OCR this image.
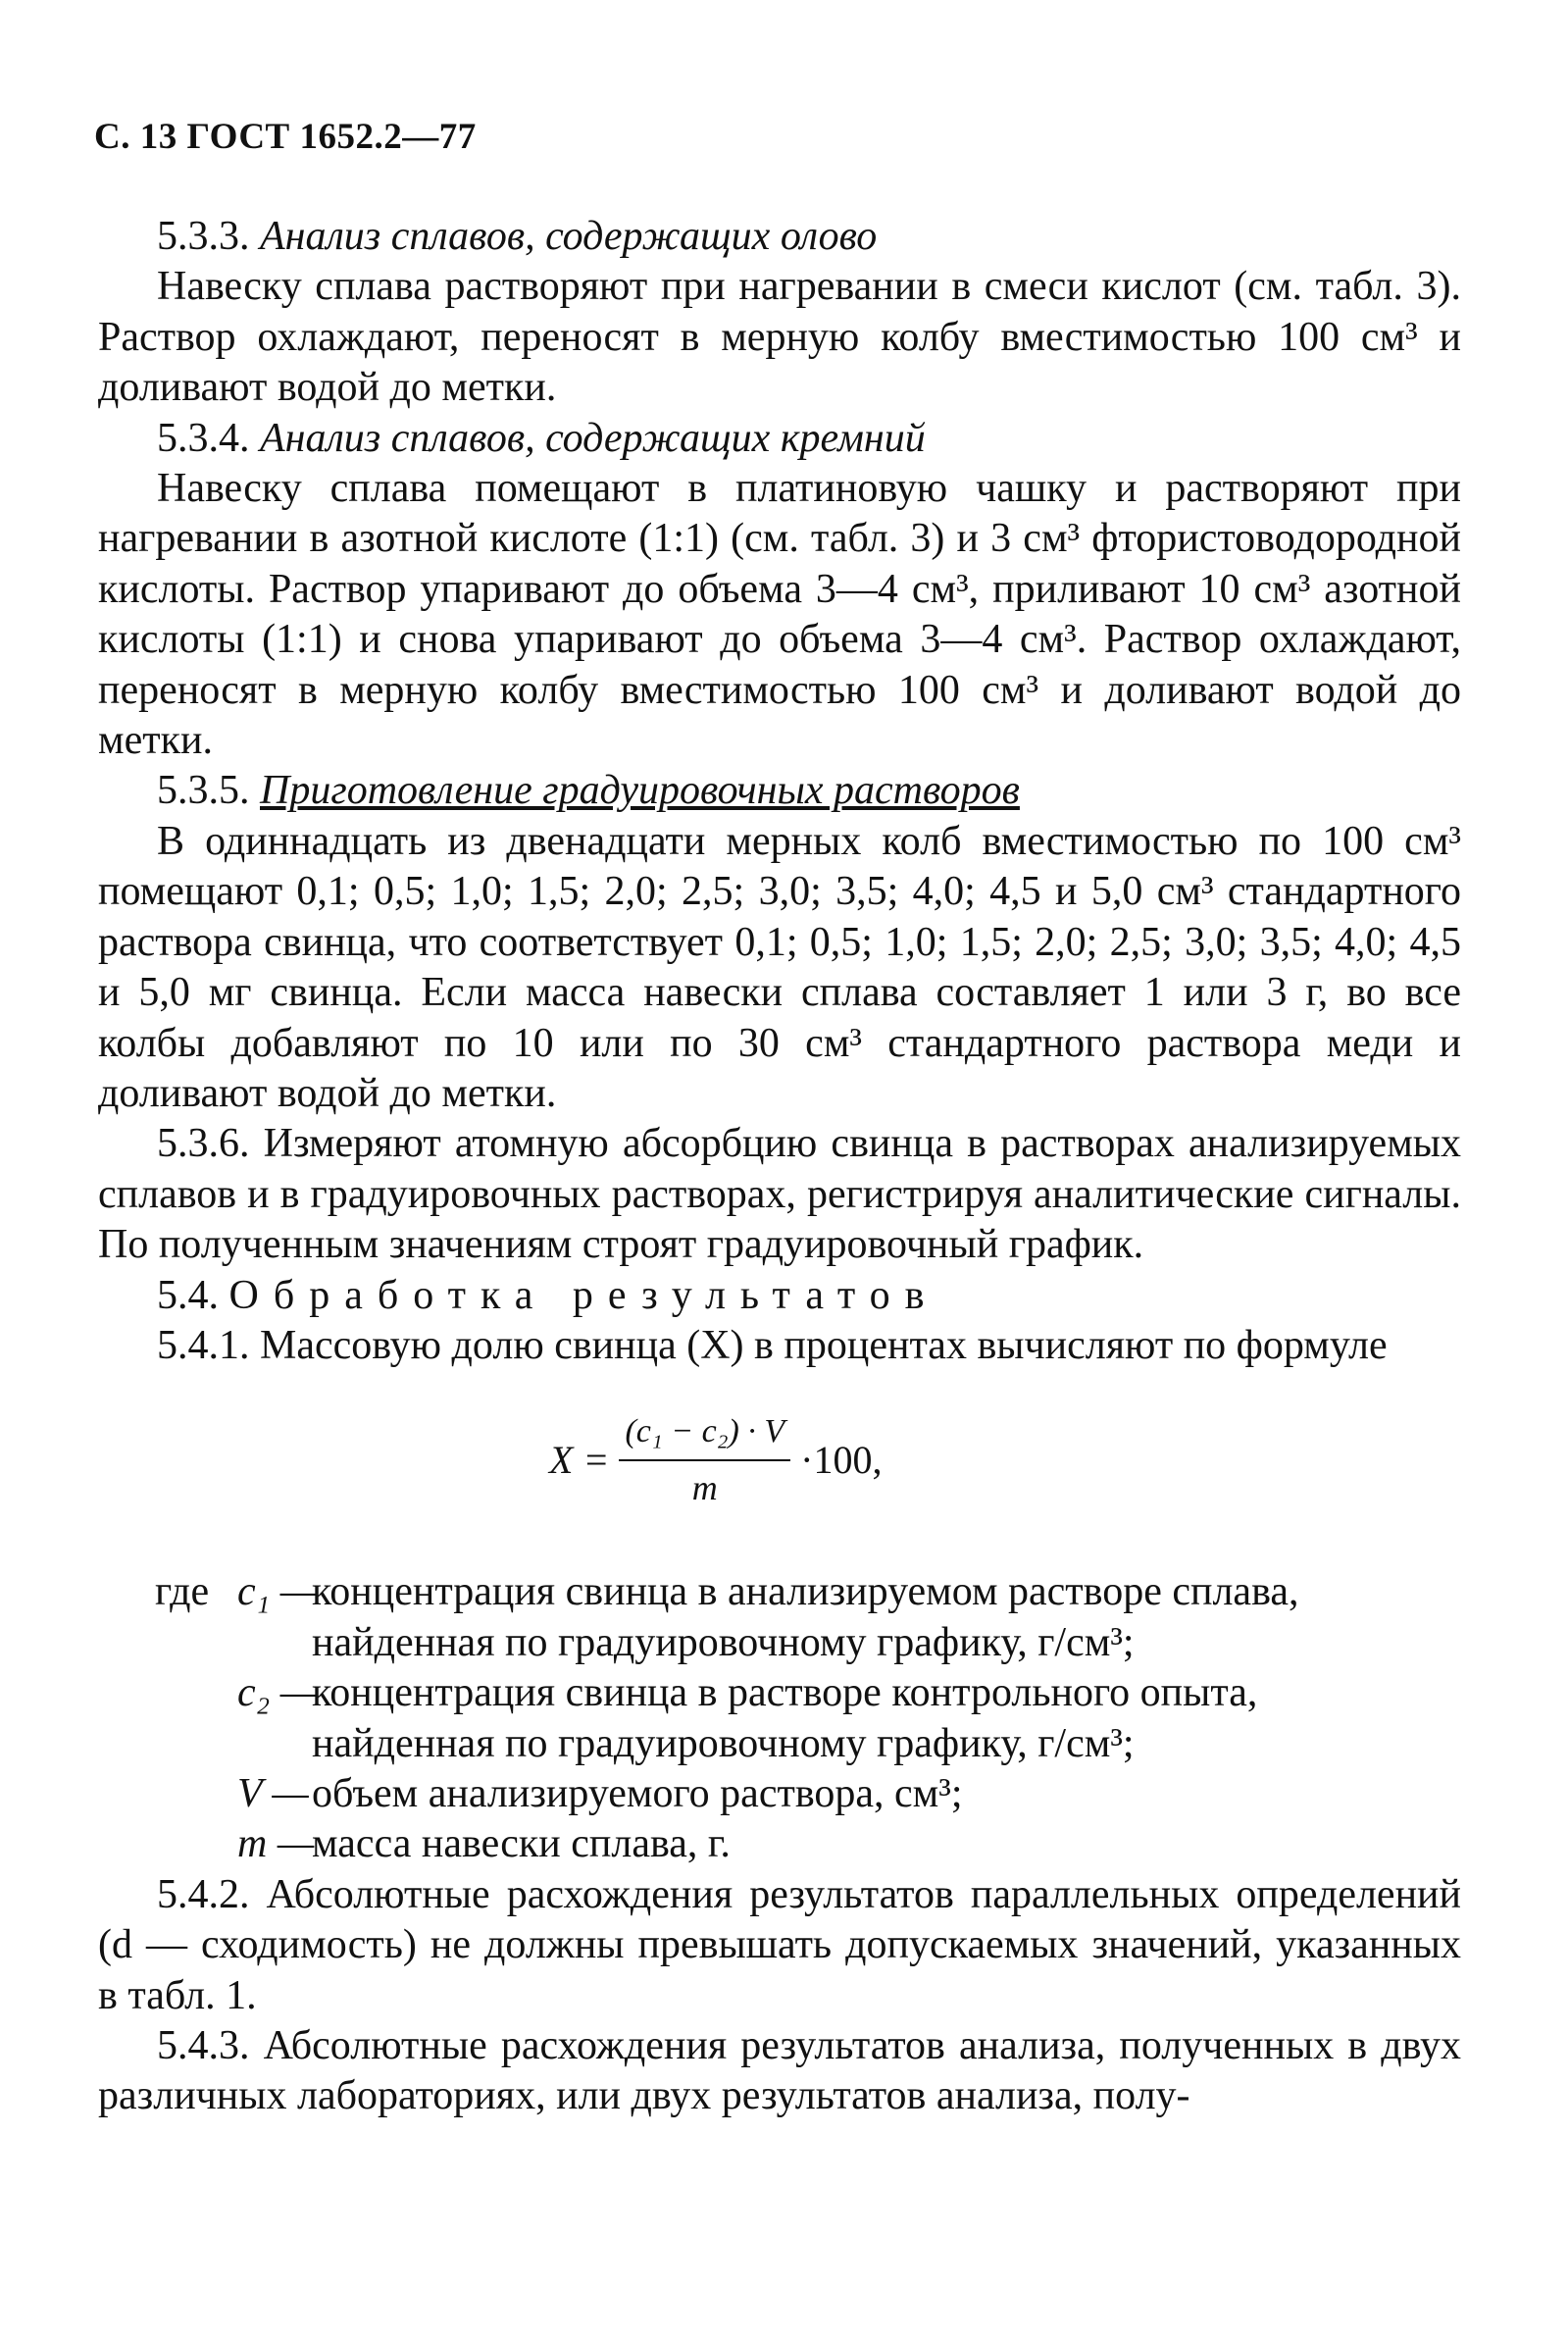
С. 13 ГОСТ 1652.2—77

5.3.3. Анализ сплавов, содержащих олово

Навеску сплава растворяют при нагревании в смеси кислот (см. табл. 3). Раствор охлаждают, переносят в мерную колбу вместимостью 100 см³ и доливают водой до метки.

5.3.4. Анализ сплавов, содержащих кремний

Навеску сплава помещают в платиновую чашку и растворяют при нагревании в азотной кислоте (1:1) (см. табл. 3) и 3 см³ фтористоводородной кислоты. Раствор упаривают до объема 3—4 см³, приливают 10 см³ азотной кислоты (1:1) и снова упаривают до объема 3—4 см³. Раствор охлаждают, переносят в мерную колбу вместимостью 100 см³ и доливают водой до метки.

5.3.5. Приготовление градуировочных растворов

В одиннадцать из двенадцати мерных колб вместимостью по 100 см³ помещают 0,1; 0,5; 1,0; 1,5; 2,0; 2,5; 3,0; 3,5; 4,0; 4,5 и 5,0 см³ стандартного раствора свинца, что соответствует 0,1; 0,5; 1,0; 1,5; 2,0; 2,5; 3,0; 3,5; 4,0; 4,5 и 5,0 мг свинца. Если масса навески сплава составляет 1 или 3 г, во все колбы добавляют по 10 или по 30 см³ стандартного раствора меди и доливают водой до метки.

5.3.6. Измеряют атомную абсорбцию свинца в растворах анализируемых сплавов и в градуировочных растворах, регистрируя аналитические сигналы. По полученным значениям строят градуировочный график.

5.4. Обработка результатов

5.4.1. Массовую долю свинца (X) в процентах вычисляют по формуле

$X = \frac{\text{(c₁ − c₂) · V}}{m} \cdot 100$,
где c₁ —
концентрация свинца в анализируемом растворе сплава,
найденная по градуировочному графику, г/см³;
c₂ —
концентрация свинца в растворе контрольного опыта,
найденная по градуировочному графику, г/см³;
V — объем анализируемого раствора, см³;
m —
масса навески сплава, г.

5.4.2. Абсолютные расхождения результатов параллельных определений (d — сходимость) не должны превышать допускаемых значений, указанных в табл. 1.

5.4.3. Абсолютные расхождения результатов анализа, полученных в двух различных лабораториях, или двух результатов анализа, полу-
